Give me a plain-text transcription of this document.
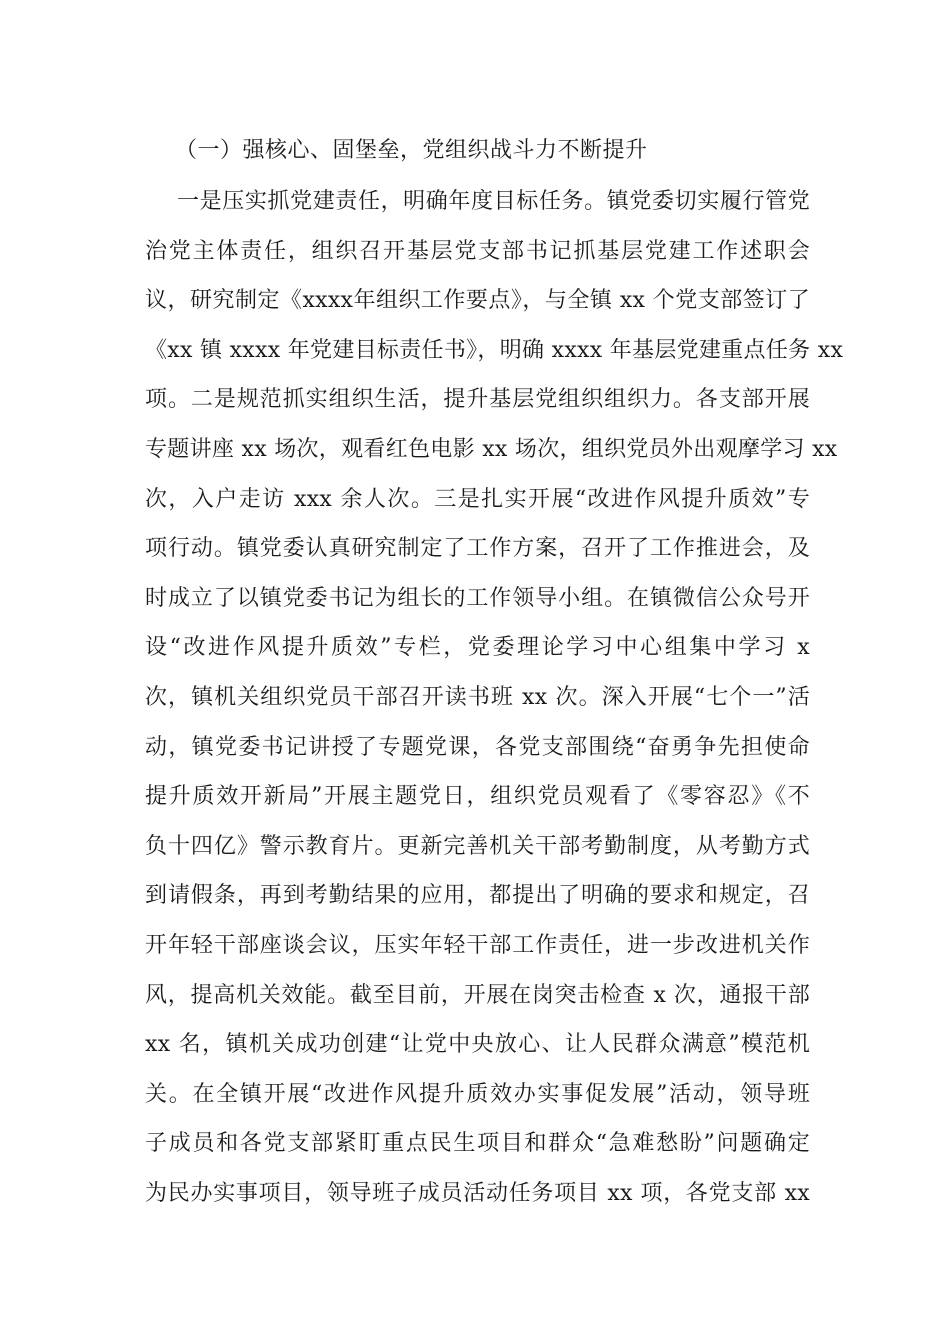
（一）强核心、固堡垒，党组织战斗力不断提升
一是压实抓党建责任，明确年度目标任务。镇党委切实履行管党
治党主体责任，组织召开基层党支部书记抓基层党建工作述职会
议，研究制定《xxxx年组织工作要点》，与全镇 xx 个党支部签订了
《xx 镇 xxxx 年党建目标责任书》，明确 xxxx 年基层党建重点任务 xx
项。二是规范抓实组织生活，提升基层党组织组织力。各支部开展
专题讲座 xx 场次，观看红色电影 xx 场次，组织党员外出观摩学习 xx
次，入户走访 xxx 余人次。三是扎实开展“改进作风提升质效”专
项行动。镇党委认真研究制定了工作方案，召开了工作推进会，及
时成立了以镇党委书记为组长的工作领导小组。在镇微信公众号开
设“改进作风提升质效”专栏，党委理论学习中心组集中学习 x
次，镇机关组织党员干部召开读书班 xx 次。深入开展“七个一”活
动，镇党委书记讲授了专题党课，各党支部围绕“奋勇争先担使命
提升质效开新局”开展主题党日，组织党员观看了《零容忍》《不
负十四亿》警示教育片。更新完善机关干部考勤制度，从考勤方式
到请假条，再到考勤结果的应用，都提出了明确的要求和规定，召
开年轻干部座谈会议，压实年轻干部工作责任，进一步改进机关作
风，提高机关效能。截至目前，开展在岗突击检查 x 次，通报干部
xx 名，镇机关成功创建“让党中央放心、让人民群众满意”模范机
关。在全镇开展“改进作风提升质效办实事促发展”活动，领导班
子成员和各党支部紧盯重点民生项目和群众“急难愁盼”问题确定
为民办实事项目，领导班子成员活动任务项目 xx 项，各党支部 xx
